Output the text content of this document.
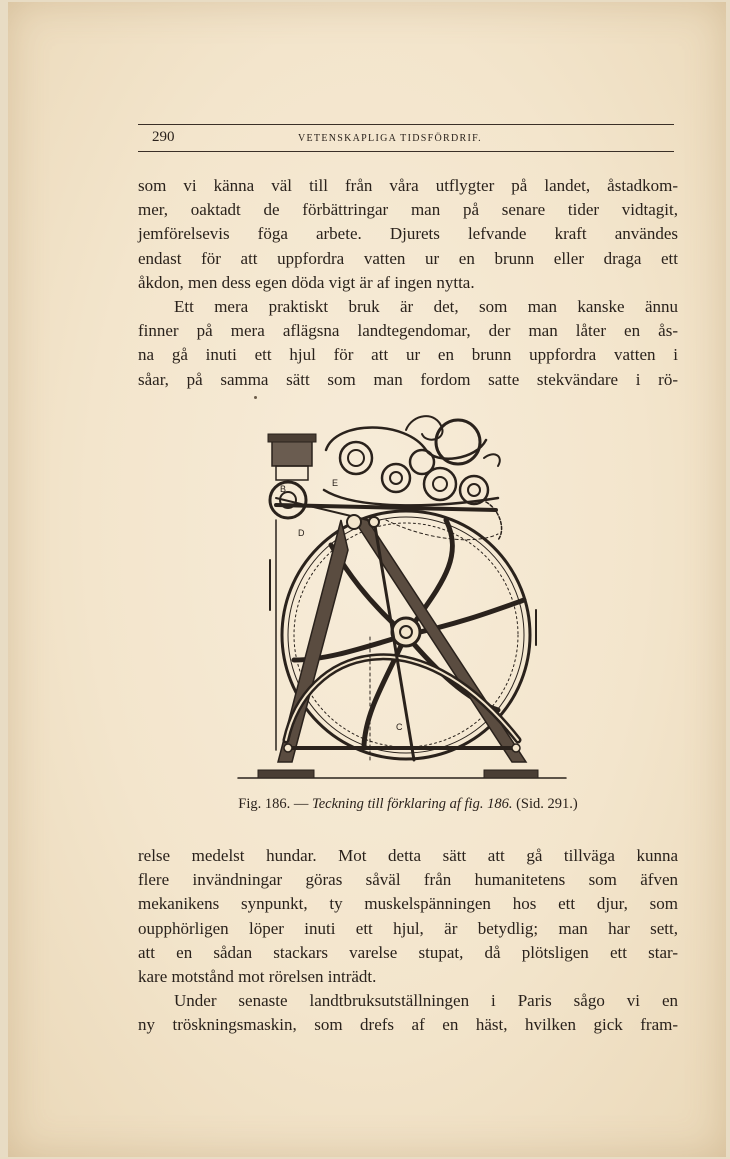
290	VETENSKAPLIGA TIDSFÖRDRIF.
som vi känna väl till från våra utflygter på landet, åstadkom-
mer, oaktadt de förbättringar man på senare tider vidtagit,
jemförelsevis föga arbete. Djurets lefvande kraft användes
endast för att uppfordra vatten ur en brunn eller draga ett
åkdon, men dess egen döda vigt är af ingen nytta.
Ett mera praktiskt bruk är det, som man kanske ännu
finner på mera aflägsna landtegendomar, der man låter en ås-
na gå inuti ett hjul för att ur en brunn uppfordra vatten i
såar, på samma sätt som man fordom satte stekvändare i rö-
B
E
D
C
Fig. 186. — Teckning till förklaring af fig. 186. (Sid. 291.)
relse medelst hundar. Mot detta sätt att gå tillväga kunna
flere invändningar göras såväl från humanitetens som äfven
mekanikens synpunkt, ty muskelspänningen hos ett djur, som
oupphörligen löper inuti ett hjul, är betydlig; man har sett,
att en sådan stackars varelse stupat, då plötsligen ett star-
kare motstånd mot rörelsen inträdt.
Under senaste landtbruksutställningen i Paris sågo vi en
ny tröskningsmaskin, som drefs af en häst, hvilken gick fram-
